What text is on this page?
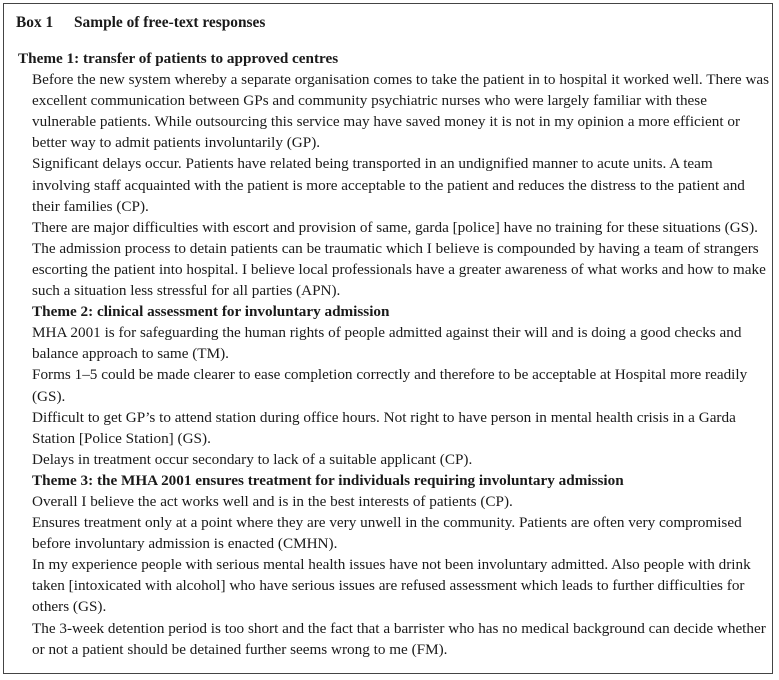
Box 1 Sample of free-text responses

Theme 1: transfer of patients to approved centres

Before the new system whereby a separate organisation comes to take the patient in to hospital it worked well. There was excellent communication between GPs and community psychiatric nurses who were largely familiar with these vulnerable patients. While outsourcing this service may have saved money it is not in my opinion a more efficient or better way to admit patients involuntarily (GP).

Significant delays occur. Patients have related being transported in an undignified manner to acute units. A team involving staff acquainted with the patient is more acceptable to the patient and reduces the distress to the patient and their families (CP).

There are major difficulties with escort and provision of same, garda [police] have no training for these situations (GS).

The admission process to detain patients can be traumatic which I believe is compounded by having a team of strangers escorting the patient into hospital. I believe local professionals have a greater awareness of what works and how to make such a situation less stressful for all parties (APN).

Theme 2: clinical assessment for involuntary admission

MHA 2001 is for safeguarding the human rights of people admitted against their will and is doing a good checks and balance approach to same (TM).

Forms 1–5 could be made clearer to ease completion correctly and therefore to be acceptable at Hospital more readily (GS).

Difficult to get GP’s to attend station during office hours. Not right to have person in mental health crisis in a Garda Station [Police Station] (GS).

Delays in treatment occur secondary to lack of a suitable applicant (CP).

Theme 3: the MHA 2001 ensures treatment for individuals requiring involuntary admission

Overall I believe the act works well and is in the best interests of patients (CP).

Ensures treatment only at a point where they are very unwell in the community. Patients are often very compromised before involuntary admission is enacted (CMHN).

In my experience people with serious mental health issues have not been involuntary admitted. Also people with drink taken [intoxicated with alcohol] who have serious issues are refused assessment which leads to further difficulties for others (GS).

The 3-week detention period is too short and the fact that a barrister who has no medical background can decide whether or not a patient should be detained further seems wrong to me (FM).
